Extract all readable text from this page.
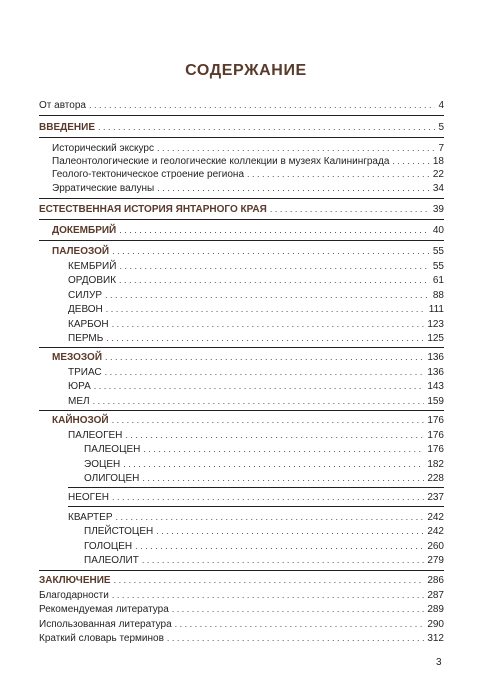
СОДЕРЖАНИЕ
От автора . . .	4
ВВЕДЕНИЕ . . .	5
Исторический экскурс . . .	7
Палеонтологические и геологические коллекции в музеях Калининграда . . .	18
Геолого-тектоническое строение региона . . .	22
Эрратические валуны . . .	34
ЕСТЕСТВЕННАЯ ИСТОРИЯ ЯНТАРНОГО КРАЯ . . .	39
ДОКЕМБРИЙ . . .	40
ПАЛЕОЗОЙ . . .	55
КЕМБРИЙ . . .	55
ОРДОВИК . . .	61
СИЛУР . . .	88
ДЕВОН . . .	111
КАРБОН . . .	123
ПЕРМЬ . . .	125
МЕЗОЗОЙ . . .	136
ТРИАС . . .	136
ЮРА . . .	143
МЕЛ . . .	159
КАЙНОЗОЙ . . .	176
ПАЛЕОГЕН . . .	176
ПАЛЕОЦЕН . . .	176
ЭОЦЕН . . .	182
ОЛИГОЦЕН . . .	228
НЕОГЕН . . .	237
КВАРТЕР . . .	242
ПЛЕЙСТОЦЕН . . .	242
ГОЛОЦЕН . . .	260
ПАЛЕОЛИТ . . .	279
ЗАКЛЮЧЕНИЕ . . .	286
Благодарности . . .	287
Рекомендуемая литература . . .	289
Использованная литература . . .	290
Краткий словарь терминов . . .	312
3
